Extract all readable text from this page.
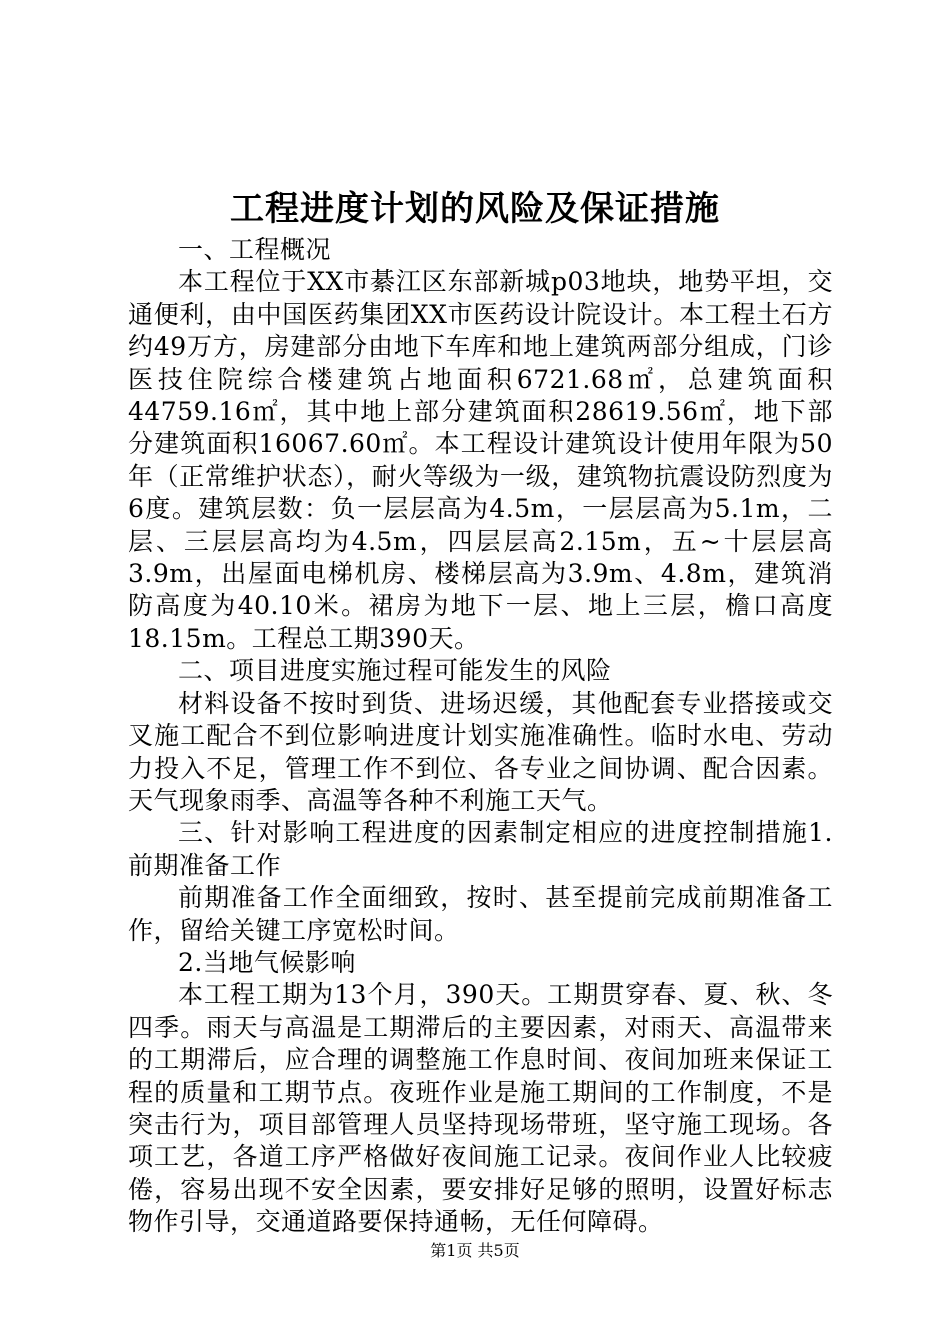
工程进度计划的风险及保证措施

一、工程概况

本工程位于XX市綦江区东部新城p03地块，地势平坦，交通便利，由中国医药集团XX市医药设计院设计。本工程土石方约49万方，房建部分由地下车库和地上建筑两部分组成，门诊医技住院综合楼建筑占地面积6721.68㎡，总建筑面积44759.16㎡，其中地上部分建筑面积28619.56㎡，地下部分建筑面积16067.60㎡。本工程设计建筑设计使用年限为50年（正常维护状态），耐火等级为一级，建筑物抗震设防烈度为6度。建筑层数：负一层层高为4.5m，一层层高为5.1m，二层、三层层高均为4.5m，四层层高2.15m，五~十层层高3.9m，出屋面电梯机房、楼梯层高为3.9m、4.8m，建筑消防高度为40.10米。裙房为地下一层、地上三层，檐口高度18.15m。工程总工期390天。

二、项目进度实施过程可能发生的风险

材料设备不按时到货、进场迟缓，其他配套专业搭接或交叉施工配合不到位影响进度计划实施准确性。临时水电、劳动力投入不足，管理工作不到位、各专业之间协调、配合因素。天气现象雨季、高温等各种不利施工天气。

三、针对影响工程进度的因素制定相应的进度控制措施1.前期准备工作

前期准备工作全面细致，按时、甚至提前完成前期准备工作，留给关键工序宽松时间。

2.当地气候影响

本工程工期为13个月，390天。工期贯穿春、夏、秋、冬四季。雨天与高温是工期滞后的主要因素，对雨天、高温带来的工期滞后，应合理的调整施工作息时间、夜间加班来保证工程的质量和工期节点。夜班作业是施工期间的工作制度，不是突击行为，项目部管理人员坚持现场带班，坚守施工现场。各项工艺，各道工序严格做好夜间施工记录。夜间作业人比较疲倦，容易出现不安全因素，要安排好足够的照明，设置好标志物作引导，交通道路要保持通畅，无任何障碍。

第1页 共5页
